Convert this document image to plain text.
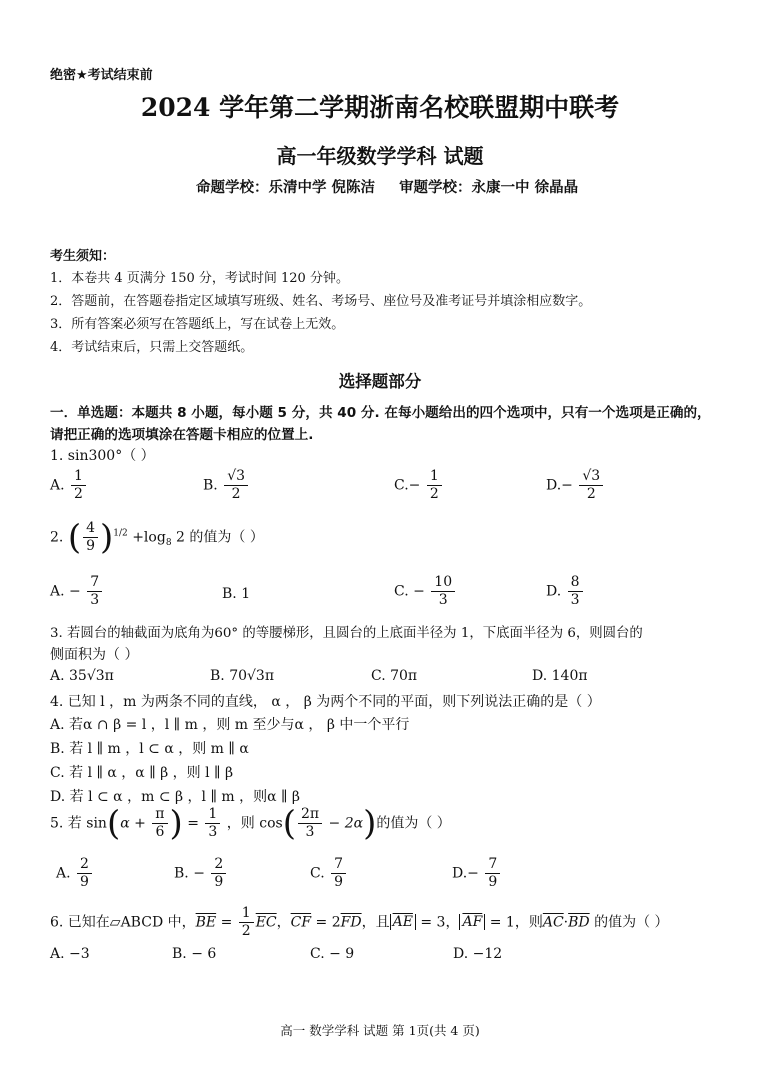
绝密★考试结束前
2024 学年第二学期浙南名校联盟期中联考
高一年级数学学科 试题
命题学校：乐清中学 倪陈洁 审题学校：永康一中 徐晶晶
考生须知：
1．本卷共 4 页满分 150 分，考试时间 120 分钟。
2．答题前，在答题卷指定区域填写班级、姓名、考场号、座位号及准考证号并填涂相应数字。
3．所有答案必须写在答题纸上，写在试卷上无效。
4．考试结束后，只需上交答题纸。
选择题部分
一．单选题：本题共 8 小题，每小题 5 分，共 40 分. 在每小题给出的四个选项中，只有一个选项是正确的，请把正确的选项填涂在答题卡相应的位置上.
1. sin300°（ ）
A. $\frac{1}{2}$	B. $\frac{√3}{2}$	$C.- \frac{1}{2}$	$D.- \frac{√3}{2}$
2. ( $\frac{4}{9} )^{1/2} +\log_8$ 2 的值为（ ）
A. − $\frac{7}{3}$	B. 1	C. − $\frac{10}{3}$	D. $\frac{8}{3}$
3. 若圆台的轴截面为底角为60° 的等腰梯形，且圆台的上底面半径为 1，下底面半径为 6，则圆台的
侧面积为（ ）
A. 35√3π	B. 70√3π	C. 70π	D. 140π
4. 已知 l ，m 为两条不同的直线， α ， β 为两个不同的平面，则下列说法正确的是（ ）
A. 若α ∩ β = l ，l ∥ m ，则 m 至少与α ， β 中一个平行
B. 若 l ∥ m ，l ⊂ α ，则 m ∥ α
C. 若 l ∥ α ，α ∥ β ，则 l ∥ β
D. 若 l ⊂ α ，m ⊂ β ，l ∥ m ，则α ∥ β
5. 若 $\sin(\alpha + \frac{\pi}{6}$ ) = $\frac{1}{3}$ ，则 $\cos( \frac{2\pi}{3} - 2\alpha)$的值为（ ）
A. $\frac{2}{9}$	B. − $\frac{2}{9}$	C. $\frac{7}{9}$	$D.- \frac{7}{9}$
6. 已知在▱ABCD 中，$\overline{BE} = \frac{1}{2} \overline{EC}$，$\overline{CF} = 2\overline{FD}$，且 $\overline{AE} = 3$， $\overline{AF} = 1$，则$\overline{AC}\cdot\overline{BD}$ 的值为（ ）
A. −3	B. − 6	C. − 9	D. −12
高一 数学学科 试题 第 1页(共 4 页)
